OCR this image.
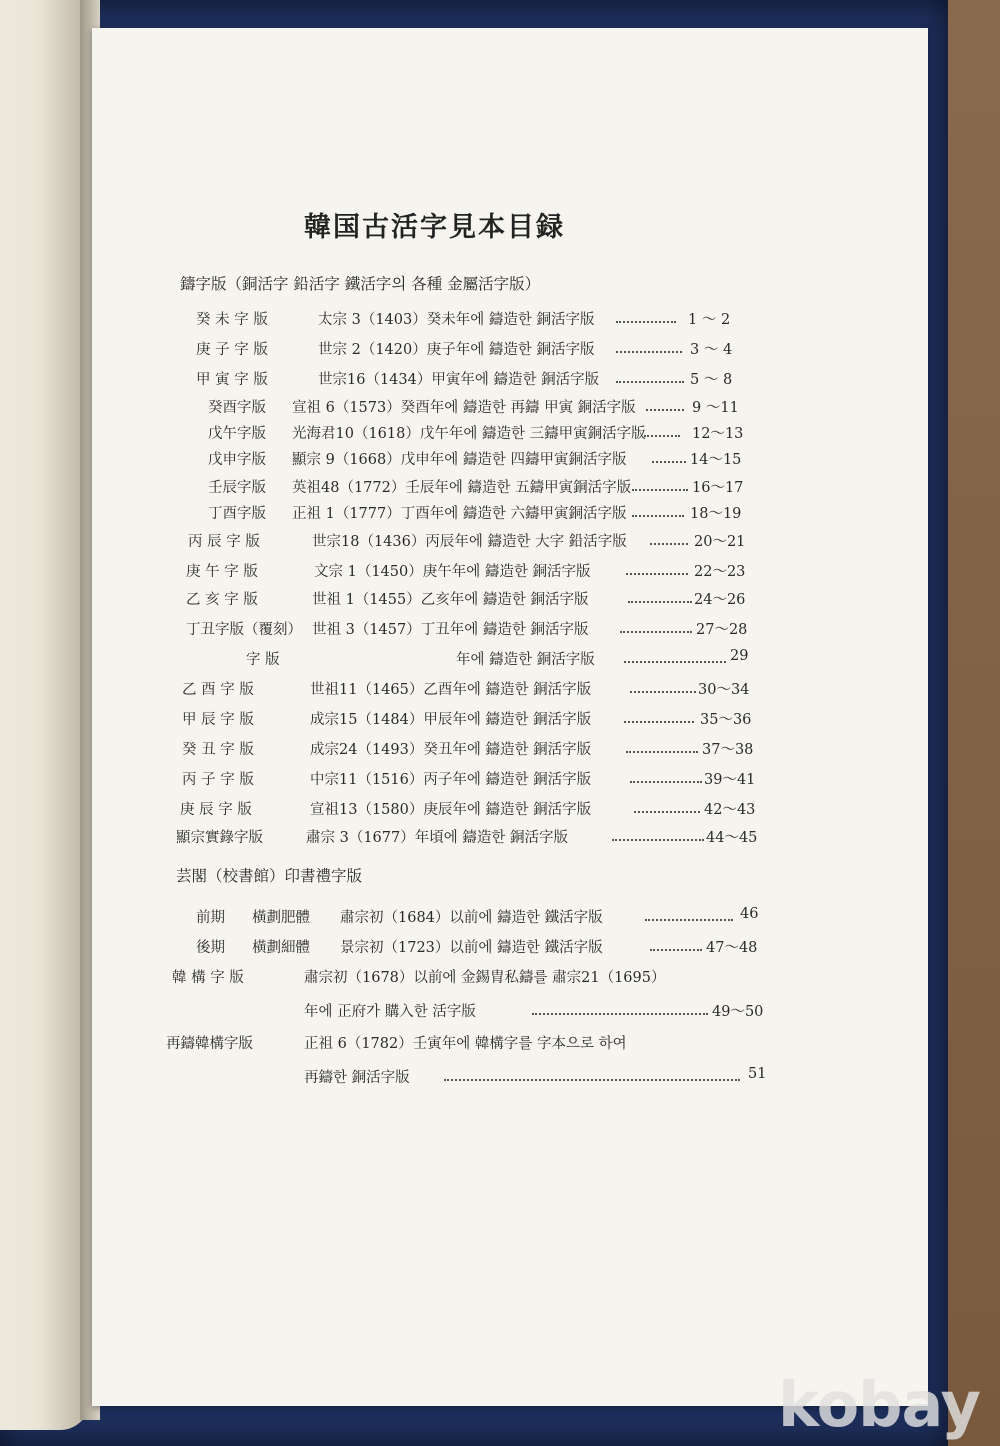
韓国古活字見本目録
鑄字版（銅活字 鉛活字 鐵活字의 各種 金屬活字版）
癸 未 字 版	太宗 3（1403）癸未年에 鑄造한 銅活字版	1 ～ 2
庚 子 字 版	世宗 2（1420）庚子年에 鑄造한 銅活字版	3 ～ 4
甲 寅 字 版	世宗16（1434）甲寅年에 鑄造한 銅活字版	5 ～ 8
癸酉字版 宣祖 6（1573）癸酉年에 鑄造한 再鑄 甲寅 銅活字版	9 ～11
戊午字版 光海君10（1618）戊午年에 鑄造한 三鑄甲寅銅活字版	12～13
戊申字版 顯宗 9（1668）戊申年에 鑄造한 四鑄甲寅銅活字版	14～15
壬辰字版 英祖48（1772）壬辰年에 鑄造한 五鑄甲寅銅活字版	16～17
丁酉字版 正祖 1（1777）丁酉年에 鑄造한 六鑄甲寅銅活字版	18～19
丙 辰 字 版	世宗18（1436）丙辰年에 鑄造한 大字 鉛活字版	20～21
庚 午 字 版	文宗 1（1450）庚午年에 鑄造한 銅活字版	22～23
乙 亥 字 版	世祖 1（1455）乙亥年에 鑄造한 銅活字版	24～26
丁丑字版（覆刻） 世祖 3（1457）丁丑年에 鑄造한 銅活字版	27～28
字 版	年에 鑄造한 銅活字版	29
乙 酉 字 版	世祖11（1465）乙酉年에 鑄造한 銅活字版	30～34
甲 辰 字 版	成宗15（1484）甲辰年에 鑄造한 銅活字版	35～36
癸 丑 字 版	成宗24（1493）癸丑年에 鑄造한 銅活字版	37～38
丙 子 字 版	中宗11（1516）丙子年에 鑄造한 銅活字版	39～41
庚 辰 字 版	宣祖13（1580）庚辰年에 鑄造한 銅活字版	42～43
顯宗實錄字版	肅宗 3（1677）年頃에 鑄造한 銅活字版	44～45
芸閣（校書館）印書禮字版
前期 橫劃肥體 肅宗初（1684）以前에 鑄造한 鐵活字版	46
後期 橫劃細體 景宗初（1723）以前에 鑄造한 鐵活字版	47～48
韓 構 字 版	肅宗初（1678）以前에 金錫胄私鑄를 肅宗21（1695）
年에 正府가 購入한 活字版	49～50
再鑄韓構字版	正祖 6（1782）壬寅年에 韓構字를 字本으로 하여
再鑄한 銅活字版	51
kobay
